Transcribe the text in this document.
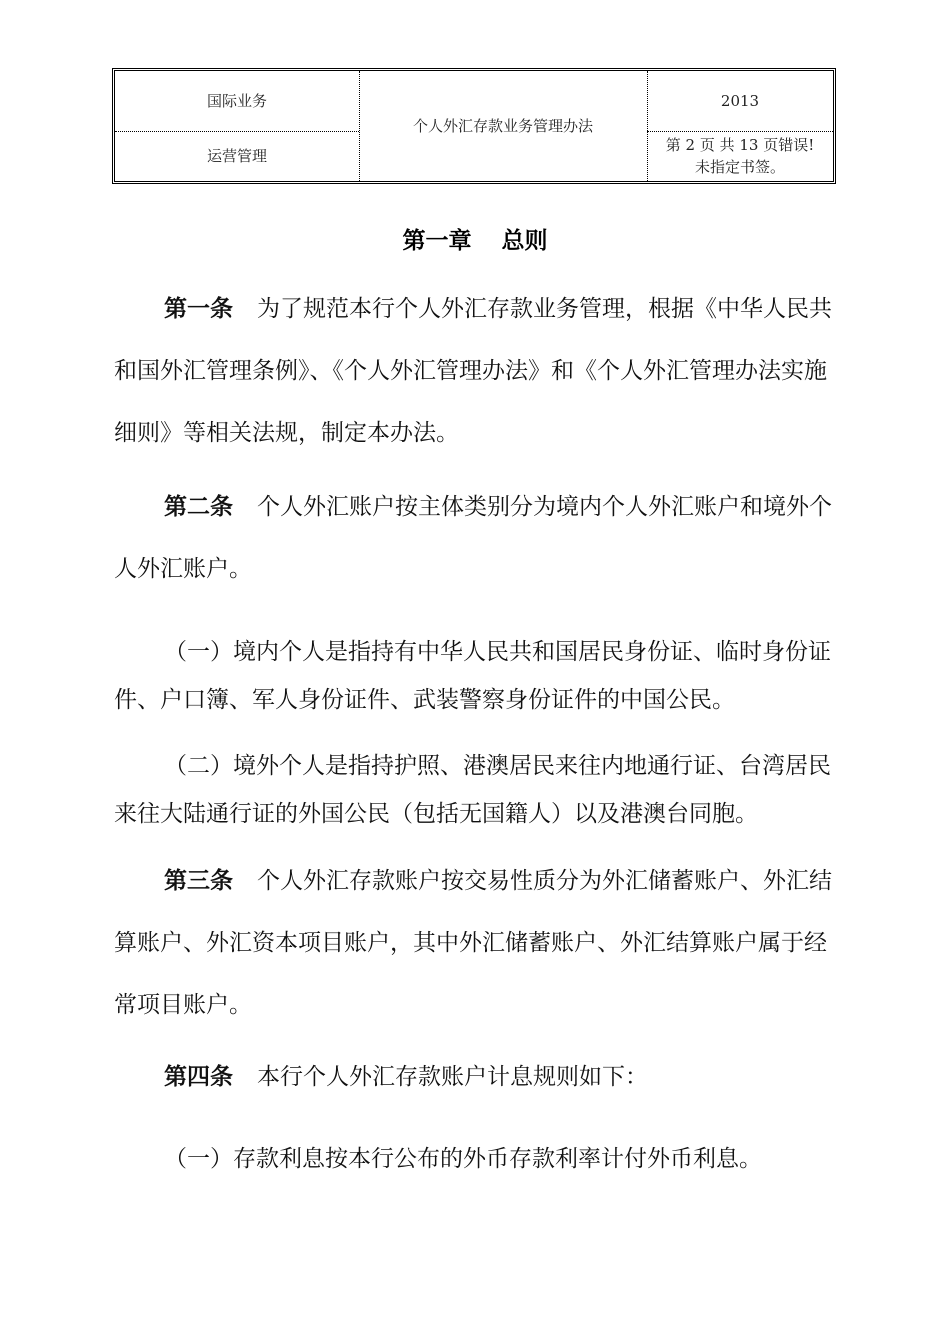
国际业务
运营管理
个人外汇存款业务管理办法
2013
第 2 页 共 13 页错误!
未指定书签。
第一章 总则
第一条 为了规范本行个人外汇存款业务管理，根据《中华人民共和国外汇管理条例》、《个人外汇管理办法》和《个人外汇管理办法实施细则》等相关法规，制定本办法。
第二条 个人外汇账户按主体类别分为境内个人外汇账户和境外个人外汇账户。
（一）境内个人是指持有中华人民共和国居民身份证、临时身份证件、户口簿、军人身份证件、武装警察身份证件的中国公民。
（二）境外个人是指持护照、港澳居民来往内地通行证、台湾居民来往大陆通行证的外国公民（包括无国籍人）以及港澳台同胞。
第三条 个人外汇存款账户按交易性质分为外汇储蓄账户、外汇结算账户、外汇资本项目账户，其中外汇储蓄账户、外汇结算账户属于经常项目账户。
第四条 本行个人外汇存款账户计息规则如下：
（一）存款利息按本行公布的外币存款利率计付外币利息。
